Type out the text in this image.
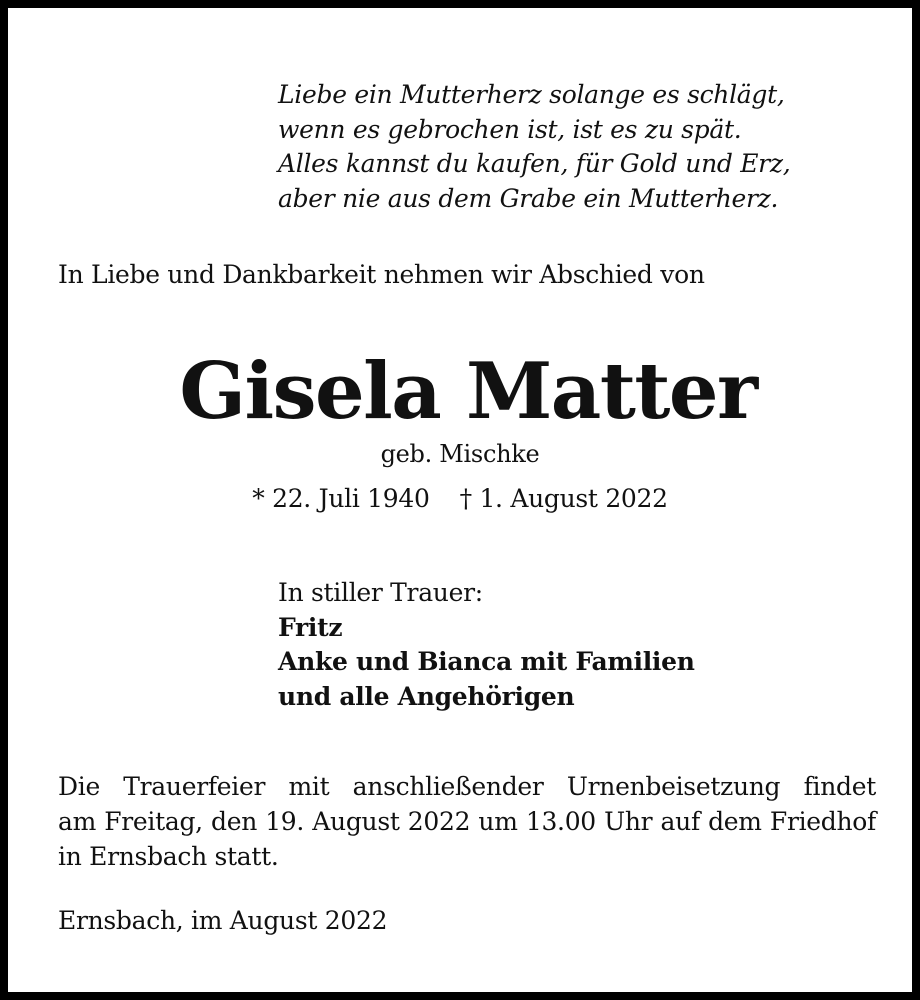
Liebe ein Mutterherz solange es schlägt,
wenn es gebrochen ist, ist es zu spät.
Alles kannst du kaufen, für Gold und Erz,
aber nie aus dem Grabe ein Mutterherz.
In Liebe und Dankbarkeit nehmen wir Abschied von
Gisela Matter
geb. Mischke
* 22. Juli 1940 † 1. August 2022
In stiller Trauer:
Fritz
Anke und Bianca mit Familien
und alle Angehörigen
Die Trauerfeier mit anschließender Urnenbeisetzung findet
am Freitag, den 19. August 2022 um 13.00 Uhr auf dem Friedhof
in Ernsbach statt.
Ernsbach, im August 2022
